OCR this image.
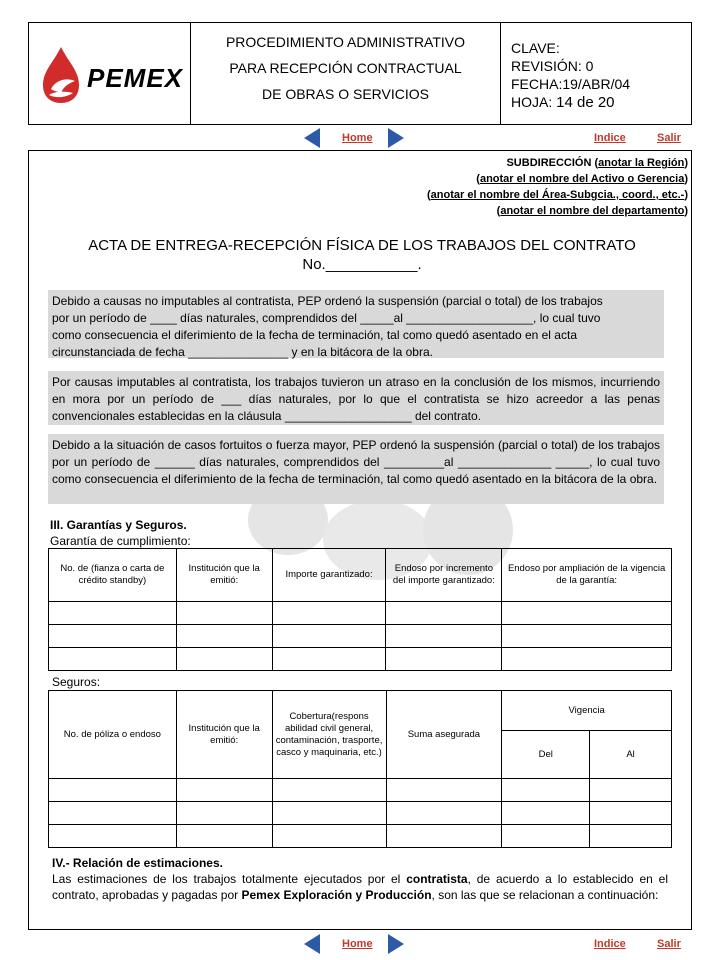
PEMEX
PROCEDIMIENTO ADMINISTRATIVO
PARA RECEPCIÓN CONTRACTUAL
DE OBRAS O SERVICIOS
CLAVE:
REVISIÓN: 0
FECHA:19/ABR/04
HOJA: 14 de 20
Home	Indice	Salir
SUBDIRECCIÓN (anotar la Región)
(anotar el nombre del Activo o Gerencia)
(anotar el nombre del Área-Subgcia., coord., etc.-)
(anotar el nombre del departamento)
ACTA DE ENTREGA-RECEPCIÓN FÍSICA DE LOS TRABAJOS DEL CONTRATO
No.___________.
Debido a causas no imputables al contratista, PEP ordenó la suspensión (parcial o total) de los trabajos
por un período de ____ días naturales, comprendidos del _____al ___________________, lo cual tuvo
como consecuencia el diferimiento de la fecha de terminación, tal como quedó asentado en el acta
circunstanciada de fecha _______________ y en la bitácora de la obra.
Por causas imputables al contratista, los trabajos tuvieron un atraso en la conclusión de los mismos, incurriendo en mora por un período de ___ días naturales, por lo que el contratista se hizo acreedor a las penas convencionales establecidas en la cláusula ___________________ del contrato.
Debido a la situación de casos fortuitos o fuerza mayor, PEP ordenó la suspensión (parcial o total) de los trabajos por un período de ______ días naturales, comprendidos del _________al ______________ _____, lo cual tuvo como consecuencia el diferimiento de la fecha de terminación, tal como quedó asentado en la bitácora de la obra.
III. Garantías y Seguros.
Garantía de cumplimiento:
No. de (fianza o carta de crédito standby)	Institución que la emitió:	Importe garantizado:	Endoso por incremento del importe garantizado:	Endoso por ampliación de la vigencia de la garantía:

Seguros:
No. de póliza o endoso	Institución que la emitió:	Cobertura(respons abilidad civil general, contaminación, trasporte, casco y maquinaria, etc.)	Suma asegurada	Vigencia	
				Del	Al

IV.- Relación de estimaciones.
Las estimaciones de los trabajos totalmente ejecutados por el contratista, de acuerdo a lo establecido en el contrato, aprobadas y pagadas por Pemex Exploración y Producción, son las que se relacionan a continuación:
Home	Indice	Salir
